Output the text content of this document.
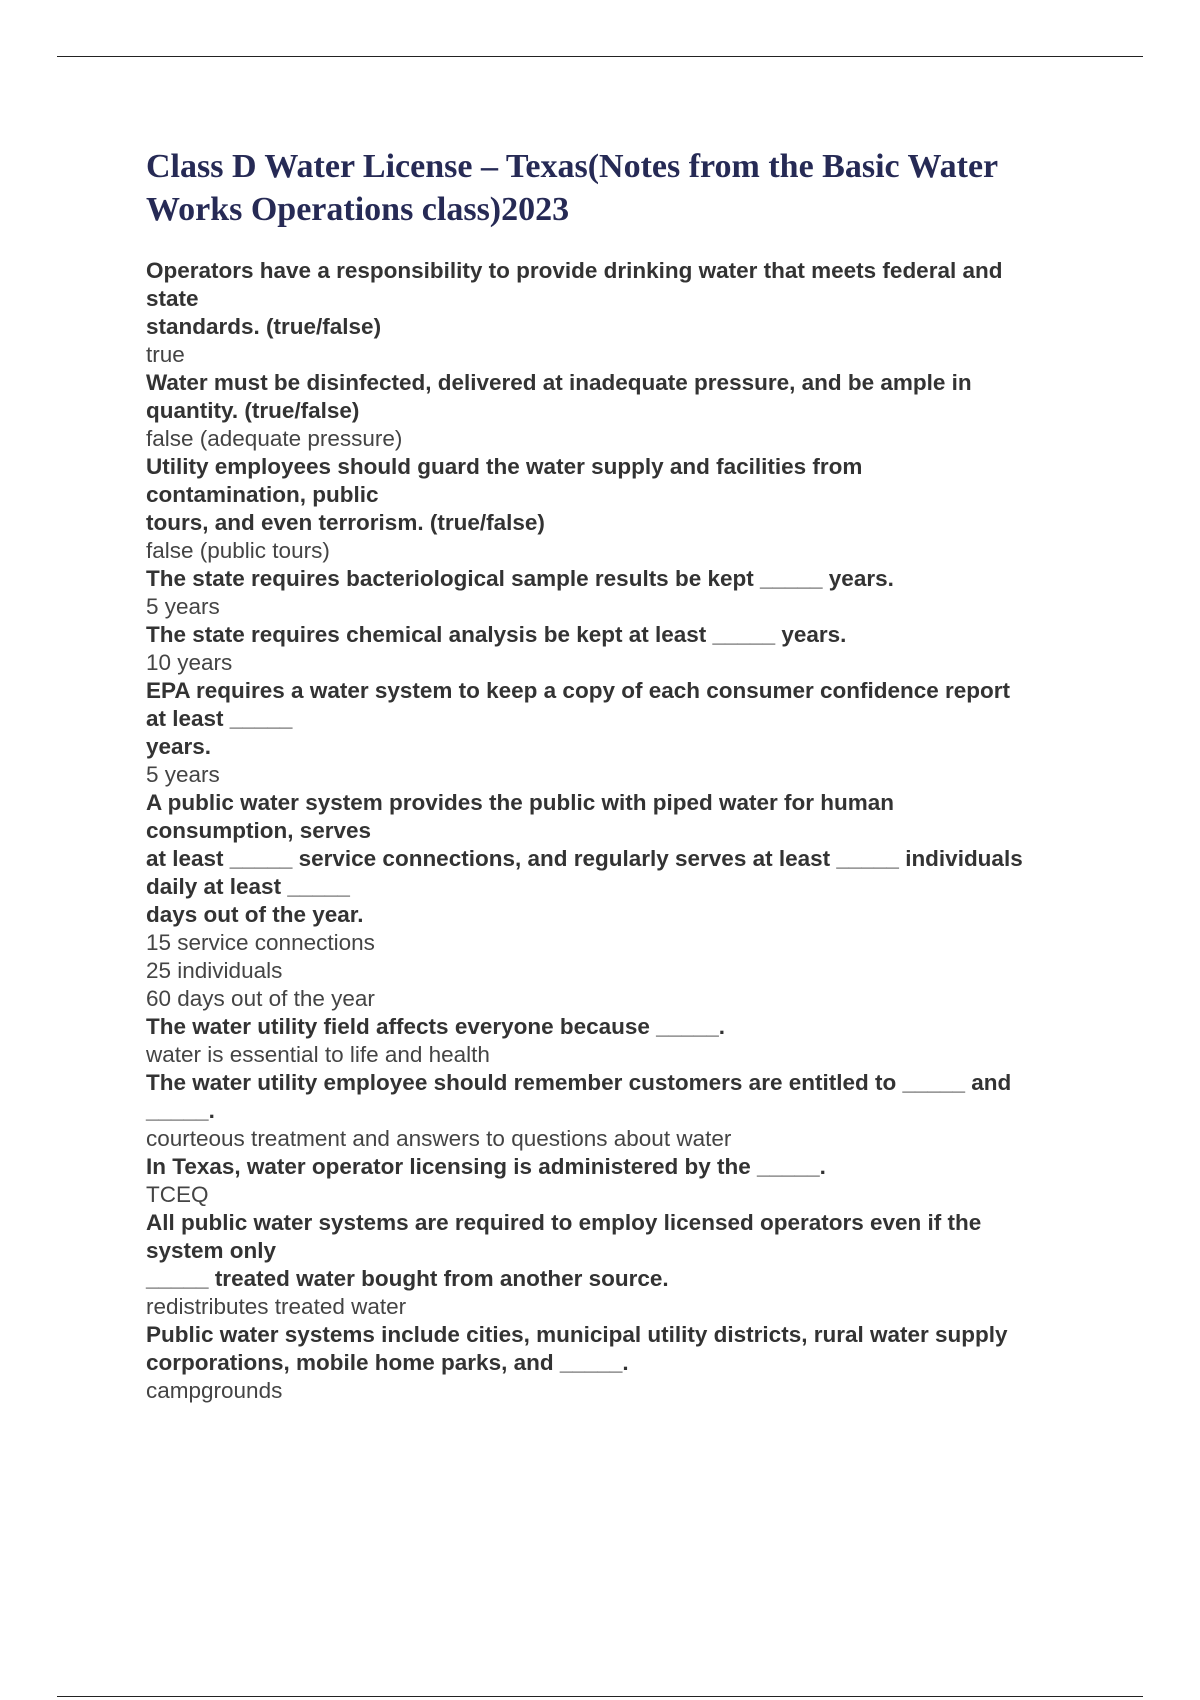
Class D Water License – Texas(Notes from the Basic Water
Works Operations class)2023
Operators have a responsibility to provide drinking water that meets federal and
state
standards. (true/false)
true
Water must be disinfected, delivered at inadequate pressure, and be ample in
quantity. (true/false)
false (adequate pressure)
Utility employees should guard the water supply and facilities from
contamination, public
tours, and even terrorism. (true/false)
false (public tours)
The state requires bacteriological sample results be kept _____ years.
5 years
The state requires chemical analysis be kept at least _____ years.
10 years
EPA requires a water system to keep a copy of each consumer confidence report
at least _____
years.
5 years
A public water system provides the public with piped water for human
consumption, serves
at least _____ service connections, and regularly serves at least _____ individuals
daily at least _____
days out of the year.
15 service connections
25 individuals
60 days out of the year
The water utility field affects everyone because _____.
water is essential to life and health
The water utility employee should remember customers are entitled to _____ and
_____.
courteous treatment and answers to questions about water
In Texas, water operator licensing is administered by the _____.
TCEQ
All public water systems are required to employ licensed operators even if the
system only
_____ treated water bought from another source.
redistributes treated water
Public water systems include cities, municipal utility districts, rural water supply
corporations, mobile home parks, and _____.
campgrounds
